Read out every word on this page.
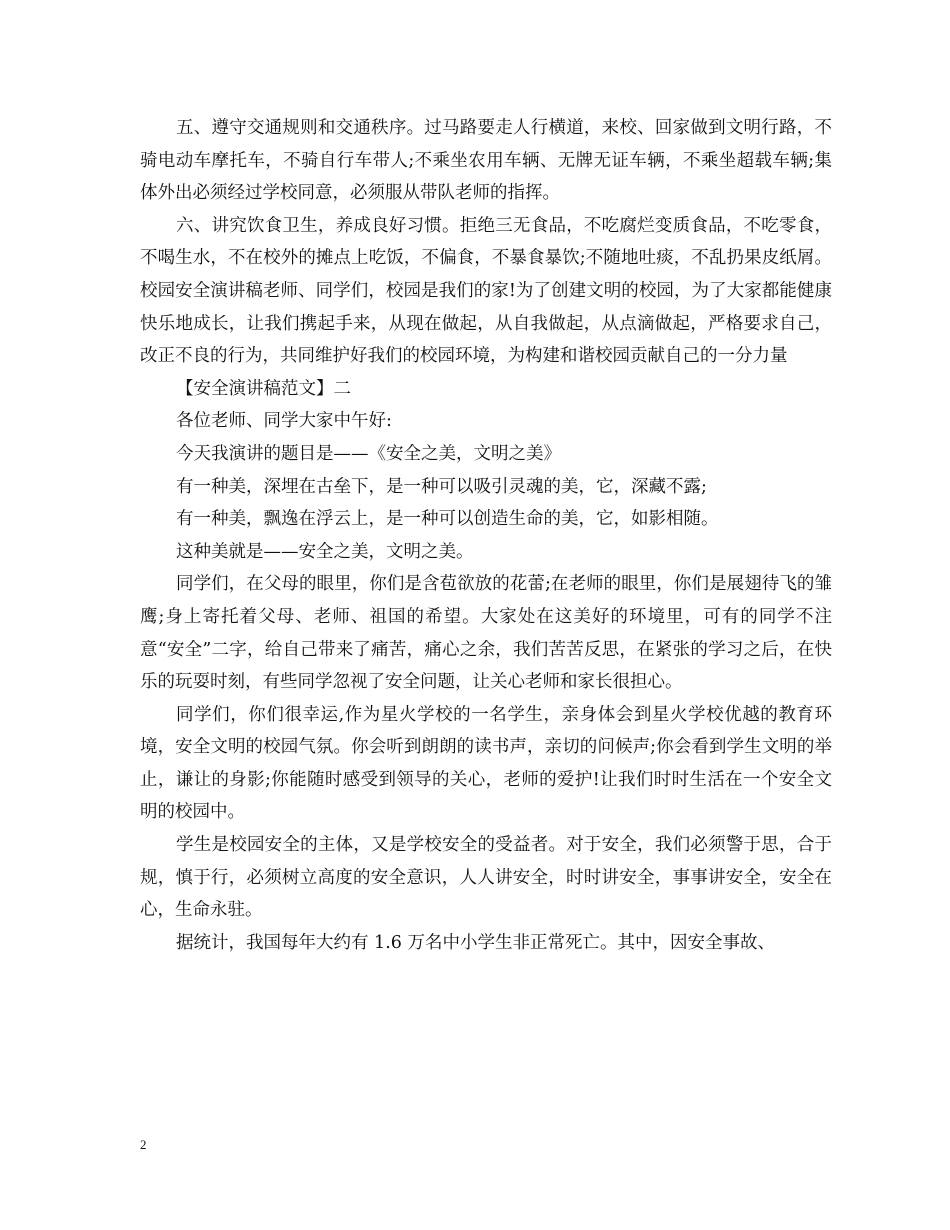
五、遵守交通规则和交通秩序。过马路要走人行横道，来校、回家做到文明行路，不骑电动车摩托车，不骑自行车带人;不乘坐农用车辆、无牌无证车辆，不乘坐超载车辆;集体外出必须经过学校同意，必须服从带队老师的指挥。

六、讲究饮食卫生，养成良好习惯。拒绝三无食品，不吃腐烂变质食品，不吃零食，不喝生水，不在校外的摊点上吃饭，不偏食，不暴食暴饮;不随地吐痰，不乱扔果皮纸屑。校园安全演讲稿老师、同学们，校园是我们的家!为了创建文明的校园，为了大家都能健康快乐地成长，让我们携起手来，从现在做起，从自我做起，从点滴做起，严格要求自己，改正不良的行为，共同维护好我们的校园环境，为构建和谐校园贡献自己的一分力量

【安全演讲稿范文】二

各位老师、同学大家中午好:

今天我演讲的题目是——《安全之美，文明之美》

有一种美，深埋在古垒下，是一种可以吸引灵魂的美，它，深藏不露;

有一种美，飘逸在浮云上，是一种可以创造生命的美，它，如影相随。

这种美就是——安全之美，文明之美。

同学们，在父母的眼里，你们是含苞欲放的花蕾;在老师的眼里，你们是展翅待飞的雏鹰;身上寄托着父母、老师、祖国的希望。大家处在这美好的环境里，可有的同学不注意“安全”二字，给自己带来了痛苦，痛心之余，我们苦苦反思，在紧张的学习之后，在快乐的玩耍时刻，有些同学忽视了安全问题，让关心老师和家长很担心。

同学们，你们很幸运,作为星火学校的一名学生，亲身体会到星火学校优越的教育环境，安全文明的校园气氛。你会听到朗朗的读书声，亲切的问候声;你会看到学生文明的举止，谦让的身影;你能随时感受到领导的关心，老师的爱护!让我们时时生活在一个安全文明的校园中。

学生是校园安全的主体，又是学校安全的受益者。对于安全，我们必须警于思，合于规，慎于行，必须树立高度的安全意识，人人讲安全，时时讲安全，事事讲安全，安全在心，生命永驻。

据统计，我国每年大约有 1.6 万名中小学生非正常死亡。其中，因安全事故、

2
